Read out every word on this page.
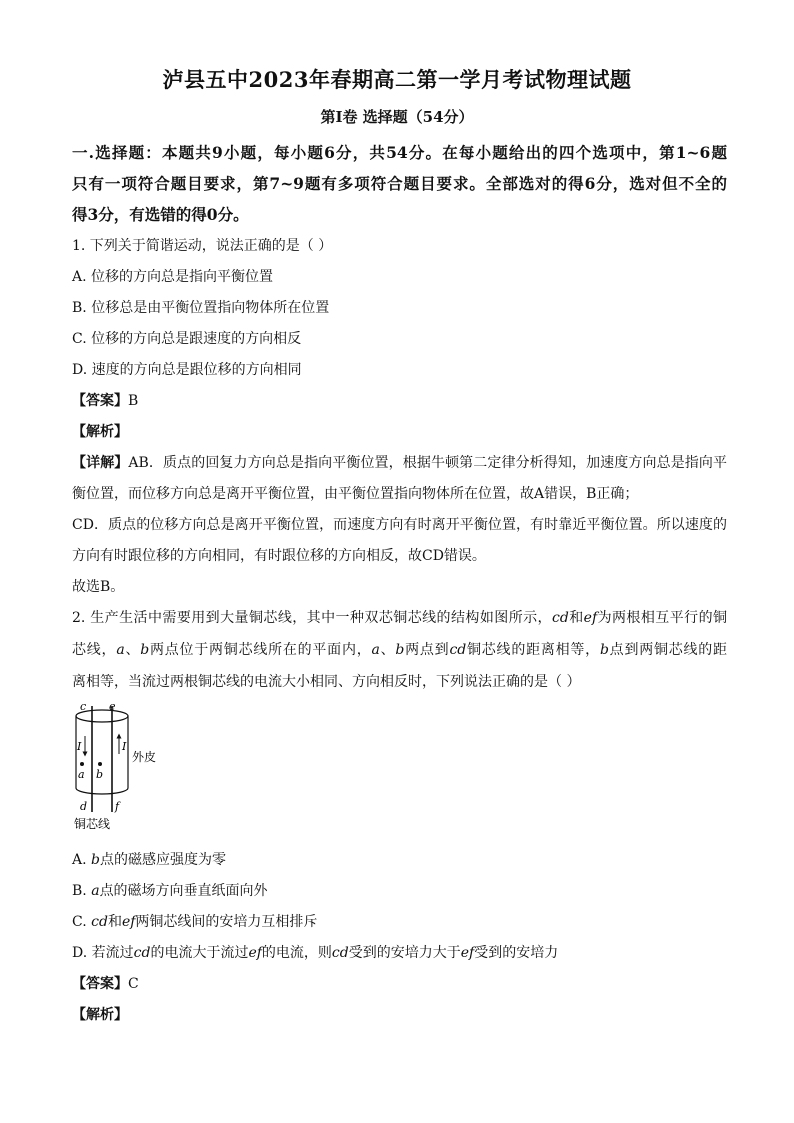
泸县五中2023年春期高二第一学月考试物理试题
第I卷 选择题（54分）
一.选择题：本题共9小题，每小题6分，共54分。在每小题给出的四个选项中，第1~6题
只有一项符合题目要求，第7~9题有多项符合题目要求。全部选对的得6分，选对但不全的
得3分，有选错的得0分。
1. 下列关于简谐运动，说法正确的是（ ）
A. 位移的方向总是指向平衡位置
B. 位移总是由平衡位置指向物体所在位置
C. 位移的方向总是跟速度的方向相反
D. 速度的方向总是跟位移的方向相同
【答案】B
【解析】
【详解】AB．质点的回复力方向总是指向平衡位置，根据牛顿第二定律分析得知，加速度方向总是指向平
衡位置，而位移方向总是离开平衡位置，由平衡位置指向物体所在位置，故A错误，B正确；
CD．质点的位移方向总是离开平衡位置，而速度方向有时离开平衡位置，有时靠近平衡位置。所以速度的
方向有时跟位移的方向相同，有时跟位移的方向相反，故CD错误。
故选B。
2. 生产生活中需要用到大量铜芯线，其中一种双芯铜芯线的结构如图所示，cd和ef为两根相互平行的铜
芯线，a、b两点位于两铜芯线所在的平面内，a、b两点到cd铜芯线的距离相等，b点到两铜芯线的距
离相等，当流过两根铜芯线的电流大小相同、方向相反时，下列说法正确的是（ ）
c e
I	I
外皮
a b
d	f
铜芯线
A. b点的磁感应强度为零
B. a点的磁场方向垂直纸面向外
C. cd和ef两铜芯线间的安培力互相排斥
D. 若流过cd的电流大于流过ef的电流，则cd受到的安培力大于ef受到的安培力
【答案】C
【解析】
